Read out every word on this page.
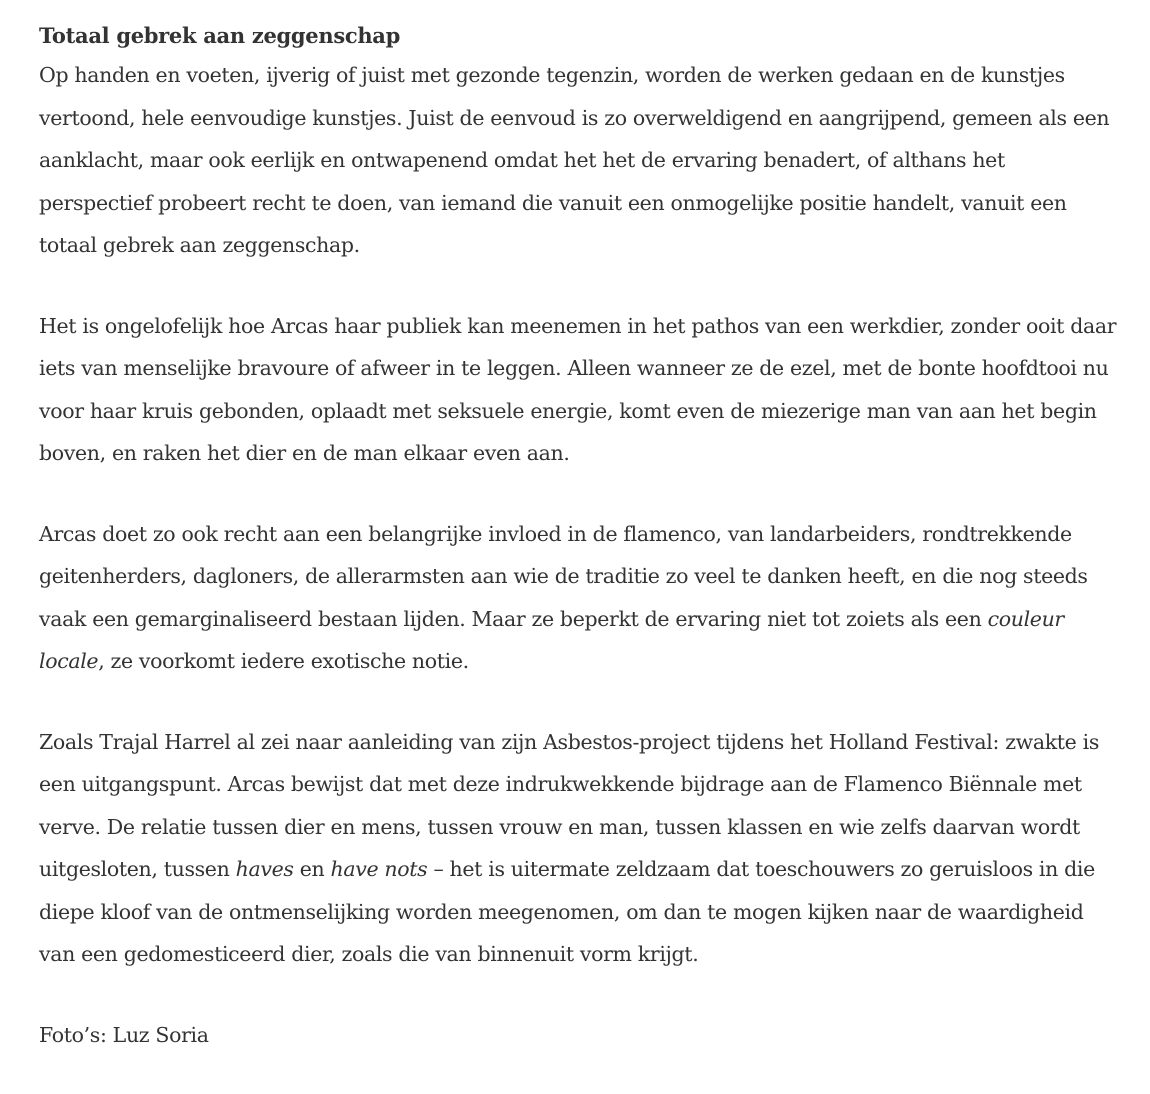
Totaal gebrek aan zeggenschap

Op handen en voeten, ijverig of juist met gezonde tegenzin, worden de werken gedaan en de kunstjes vertoond, hele eenvoudige kunstjes. Juist de eenvoud is zo overweldigend en aangrijpend, gemeen als een aanklacht, maar ook eerlijk en ontwapenend omdat het het de ervaring benadert, of althans het perspectief probeert recht te doen, van iemand die vanuit een onmogelijke positie handelt, vanuit een totaal gebrek aan zeggenschap.

Het is ongelofelijk hoe Arcas haar publiek kan meenemen in het pathos van een werkdier, zonder ooit daar iets van menselijke bravoure of afweer in te leggen. Alleen wanneer ze de ezel, met de bonte hoofdtooi nu voor haar kruis gebonden, oplaadt met seksuele energie, komt even de miezerige man van aan het begin boven, en raken het dier en de man elkaar even aan.

Arcas doet zo ook recht aan een belangrijke invloed in de flamenco, van landarbeiders, rondtrekkende geitenherders, dagloners, de allerarmsten aan wie de traditie zo veel te danken heeft, en die nog steeds vaak een gemarginaliseerd bestaan lijden. Maar ze beperkt de ervaring niet tot zoiets als een couleur locale, ze voorkomt iedere exotische notie.

Zoals Trajal Harrel al zei naar aanleiding van zijn Asbestos-project tijdens het Holland Festival: zwakte is een uitgangspunt. Arcas bewijst dat met deze indrukwekkende bijdrage aan de Flamenco Biënnale met verve. De relatie tussen dier en mens, tussen vrouw en man, tussen klassen en wie zelfs daarvan wordt uitgesloten, tussen haves en have nots – het is uitermate zeldzaam dat toeschouwers zo geruisloos in die diepe kloof van de ontmenselijking worden meegenomen, om dan te mogen kijken naar de waardigheid van een gedomesticeerd dier, zoals die van binnenuit vorm krijgt.

Foto’s: Luz Soria
